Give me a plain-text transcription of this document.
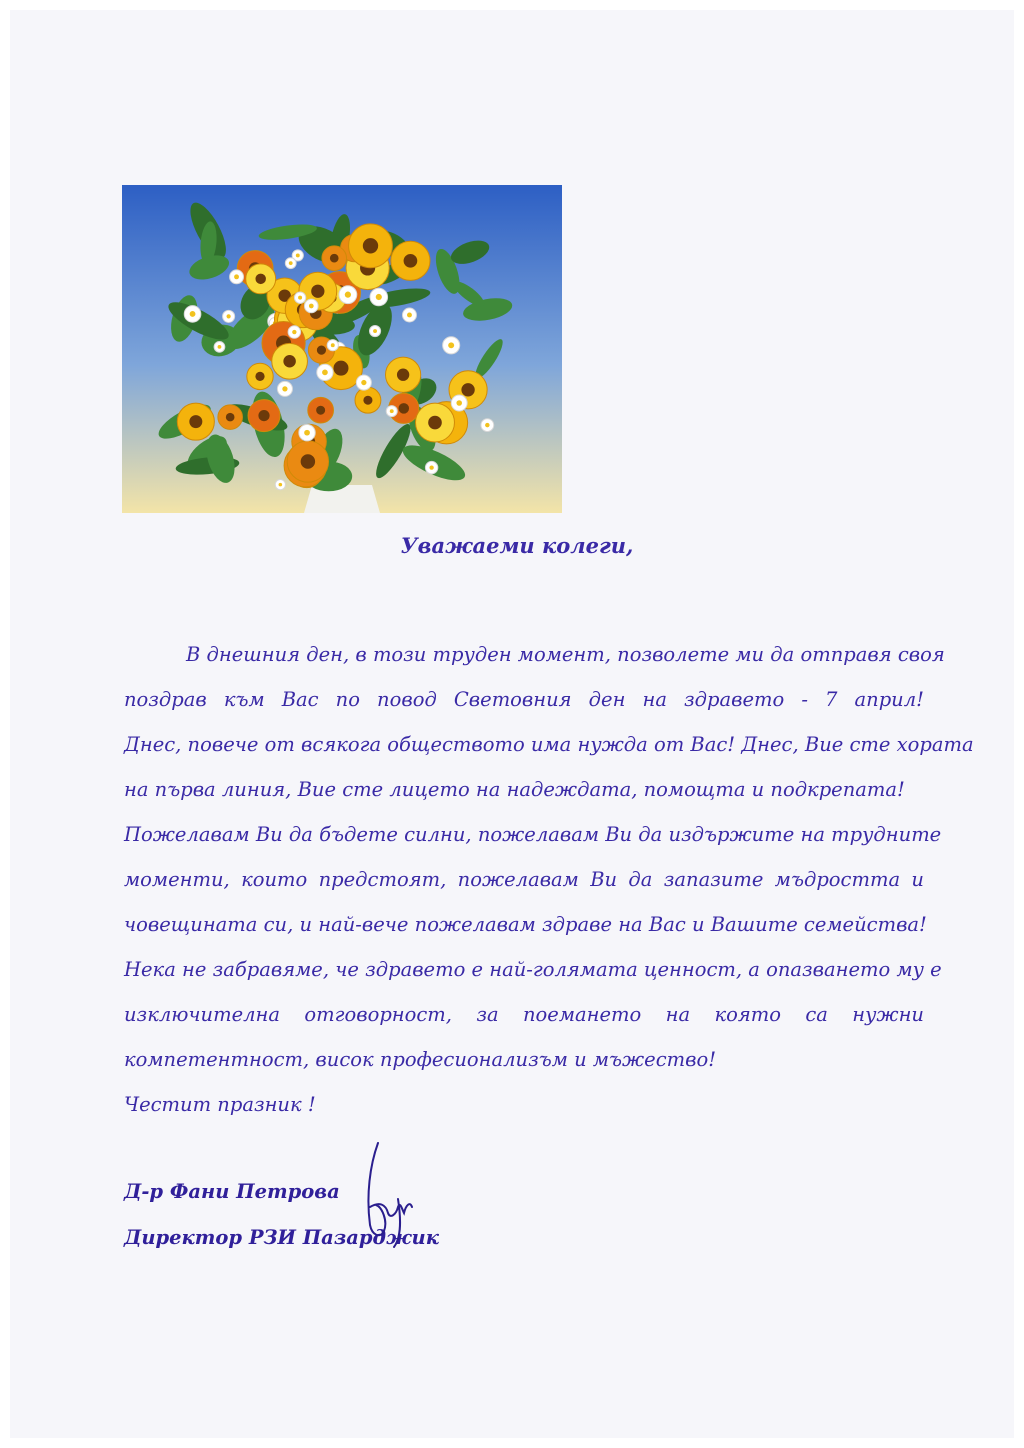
Уважаеми колеги,
В днешния ден, в този труден момент, позволете ми да отправя своя
поздрав към Вас по повод Световния ден на здравето - 7 април!
Днес, повече от всякога обществото има нужда от Вас! Днес, Вие сте хората
на първа линия, Вие сте лицето на надеждата, помощта и подкрепата!
Пожелавам Ви да бъдете силни, пожелавам Ви да издържите на трудните
моменти, които предстоят, пожелавам Ви да запазите мъдростта и
човещината си, и най-вече пожелавам здраве на Вас и Вашите семейства!
Нека не забравяме, че здравето е най-голямата ценност, а опазването му е
изключителна отговорност, за поемането на която са нужни
компетентност, висок професионализъм и мъжество!
Честит празник !
Д-р Фани Петрова
Директор РЗИ Пазарджик
